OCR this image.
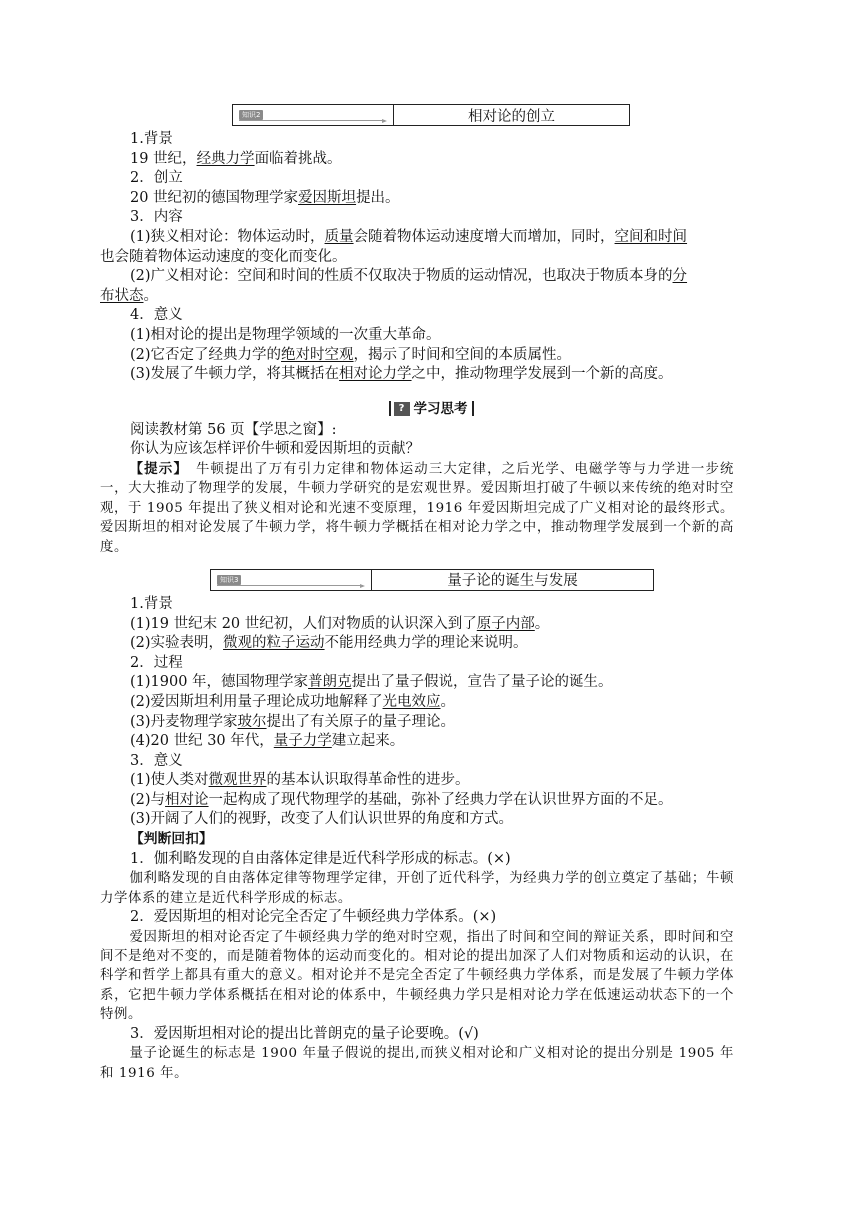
知识2	相对论的创立
1.背景
19 世纪，经典力学面临着挑战。
2．创立
20 世纪初的德国物理学家爱因斯坦提出。
3．内容
(1)狭义相对论：物体运动时，质量会随着物体运动速度增大而增加，同时，空间和时间
也会随着物体运动速度的变化而变化。
(2)广义相对论：空间和时间的性质不仅取决于物质的运动情况，也取决于物质本身的分
布状态。
4．意义
(1)相对论的提出是物理学领域的一次重大革命。
(2)它否定了经典力学的绝对时空观，揭示了时间和空间的本质属性。
(3)发展了牛顿力学，将其概括在相对论力学之中，推动物理学发展到一个新的高度。
? 学习思考
阅读教材第 56 页【学思之窗】:
你认为应该怎样评价牛顿和爱因斯坦的贡献？
【提示】　牛顿提出了万有引力定律和物体运动三大定律，之后光学、电磁学等与力学进一步统一，大大推动了物理学的发展，牛顿力学研究的是宏观世界。爱因斯坦打破了牛顿以来传统的绝对时空观，于 1905 年提出了狭义相对论和光速不变原理，1916 年爱因斯坦完成了广义相对论的最终形式。爱因斯坦的相对论发展了牛顿力学，将牛顿力学概括在相对论力学之中，推动物理学发展到一个新的高度。
知识3	量子论的诞生与发展
1.背景
(1)19 世纪末 20 世纪初，人们对物质的认识深入到了原子内部。
(2)实验表明，微观的粒子运动不能用经典力学的理论来说明。
2．过程
(1)1900 年，德国物理学家普朗克提出了量子假说，宣告了量子论的诞生。
(2)爱因斯坦利用量子理论成功地解释了光电效应。
(3)丹麦物理学家玻尔提出了有关原子的量子理论。
(4)20 世纪 30 年代，量子力学建立起来。
3．意义
(1)使人类对微观世界的基本认识取得革命性的进步。
(2)与相对论一起构成了现代物理学的基础，弥补了经典力学在认识世界方面的不足。
(3)开阔了人们的视野，改变了人们认识世界的角度和方式。
【判断回扣】
1．伽利略发现的自由落体定律是近代科学形成的标志。(×)
伽利略发现的自由落体定律等物理学定律，开创了近代科学，为经典力学的创立奠定了基础；牛顿力学体系的建立是近代科学形成的标志。
2．爱因斯坦的相对论完全否定了牛顿经典力学体系。(×)
爱因斯坦的相对论否定了牛顿经典力学的绝对时空观，指出了时间和空间的辩证关系，即时间和空间不是绝对不变的，而是随着物体的运动而变化的。相对论的提出加深了人们对物质和运动的认识，在科学和哲学上都具有重大的意义。相对论并不是完全否定了牛顿经典力学体系，而是发展了牛顿力学体系，它把牛顿力学体系概括在相对论的体系中，牛顿经典力学只是相对论力学在低速运动状态下的一个特例。
3．爱因斯坦相对论的提出比普朗克的量子论要晚。(√)
量子论诞生的标志是 1900 年量子假说的提出,而狭义相对论和广义相对论的提出分别是 1905 年和 1916 年。
